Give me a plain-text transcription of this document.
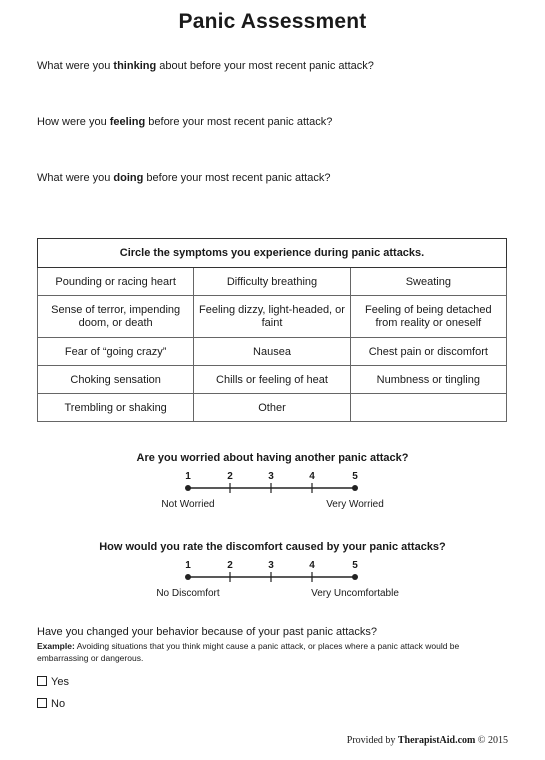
Panic Assessment
What were you thinking about before your most recent panic attack?
How were you feeling before your most recent panic attack?
What were you doing before your most recent panic attack?
Circle the symptoms you experience during panic attacks.		
Pounding or racing heart	Difficulty breathing	Sweating
Sense of terror, impending doom, or death	Feeling dizzy, light-headed, or faint	Feeling of being detached from reality or oneself
Fear of “going crazy”	Nausea	Chest pain or discomfort
Choking sensation	Chills or feeling of heat	Numbness or tingling
Trembling or shaking	Other	
Are you worried about having another panic attack?
1	2	3	4	5
Not Worried	Very Worried
How would you rate the discomfort caused by your panic attacks?
1	2	3	4	5
No Discomfort	Very Uncomfortable
Have you changed your behavior because of your past panic attacks?
Example: Avoiding situations that you think might cause a panic attack, or places where a panic attack would be embarrassing or dangerous.
Yes
No
Provided by TherapistAid.com © 2015
